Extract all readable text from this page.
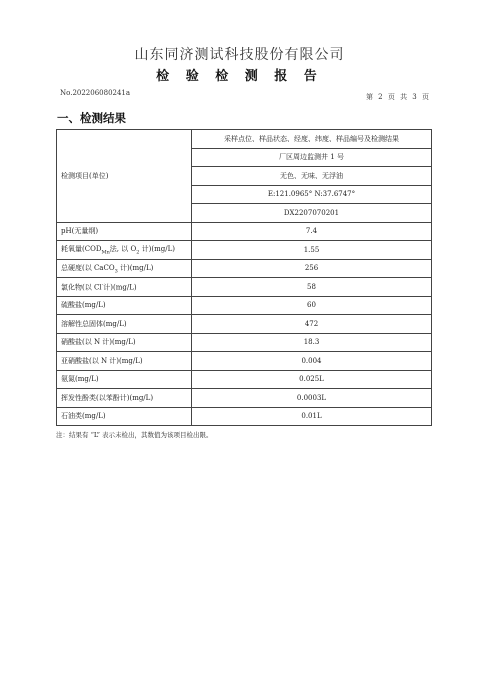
山东同济测试科技股份有限公司
检 验 检 测 报 告
No.202206080241a	第 2 页 共 3 页
一、检测结果
检测项目(单位)	采样点位、样品状态、经度、纬度、样品编号及检测结果
	厂区周边监测井 1 号
	无色、无味、无浮油
	E:121.0965° N:37.6747°
	DX2207070201
pH(无量纲)	7.4
耗氧量($COD_{Mn}$法, 以 $O_2$ 计)(mg/L)	1.55
总硬度(以 CaCO$_3$ 计)(mg/L)	256
氯化物(以 Cl-计)(mg/L)	58
硫酸盐(mg/L)	60
溶解性总固体(mg/L)	472
硝酸盐(以 N 计)(mg/L)	18.3
亚硝酸盐(以 N 计)(mg/L)	0.004
氨氮(mg/L)	0.025L
挥发性酚类(以苯酚计)(mg/L)	0.0003L
石油类(mg/L)	0.01L
注：结果有 “L” 表示未检出，其数值为该项目检出限。
